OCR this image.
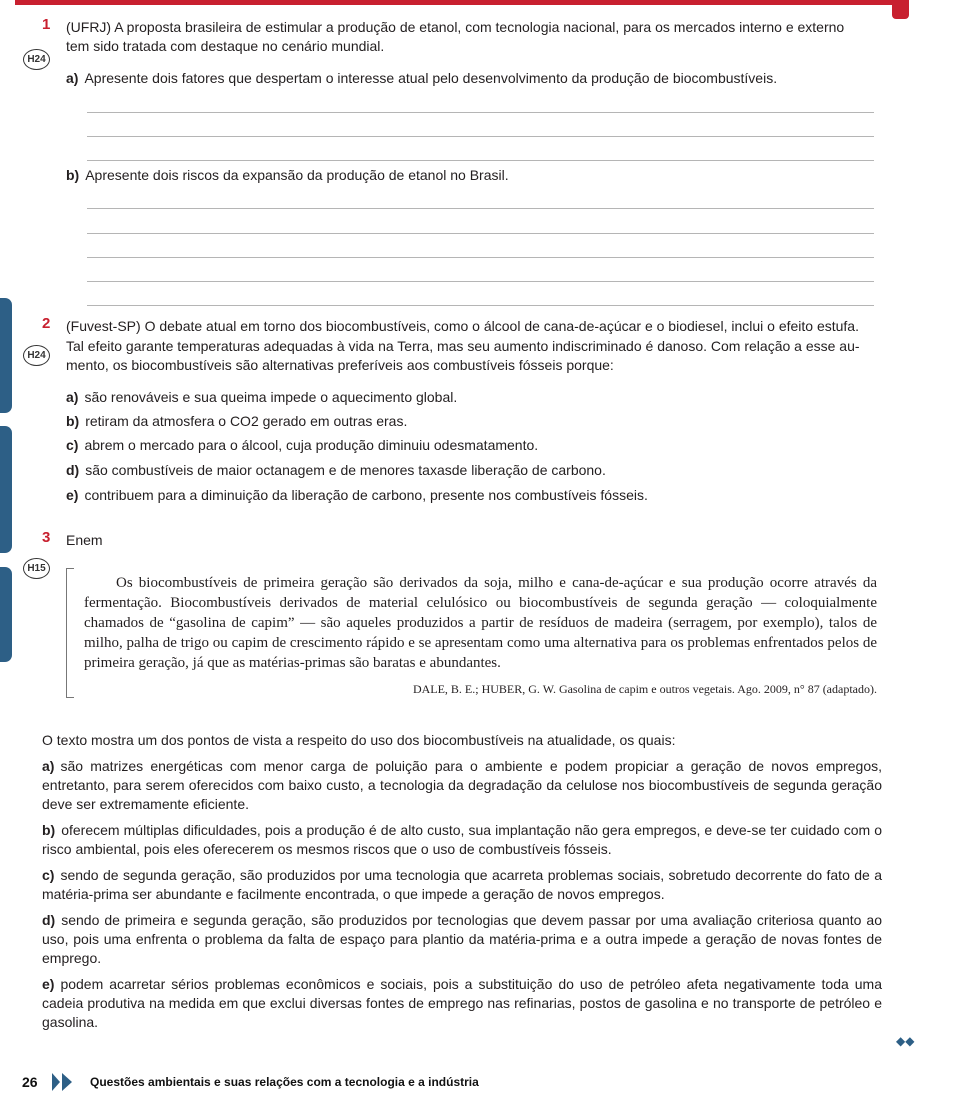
1
H24
(UFRJ) A proposta brasileira de estimular a produção de etanol, com tecnologia nacional, para os mercados interno e externo
tem sido tratada com destaque no cenário mundial.
a) Apresente dois fatores que despertam o interesse atual pelo desenvolvimento da produção de biocombustíveis.
b) Apresente dois riscos da expansão da produção de etanol no Brasil.
2
H24
(Fuvest-SP) O debate atual em torno dos biocombustíveis, como o álcool de cana-de-açúcar e o biodiesel, inclui o efeito estufa.
Tal efeito garante temperaturas adequadas à vida na Terra, mas seu aumento indiscriminado é danoso. Com relação a esse au-
mento, os biocombustíveis são alternativas preferíveis aos combustíveis fósseis porque:
a) são renováveis e sua queima impede o aquecimento global.
b) retiram da atmosfera o CO2 gerado em outras eras.
c) abrem o mercado para o álcool, cuja produção diminuiu odesmatamento.
d) são combustíveis de maior octanagem e de menores taxasde liberação de carbono.
e) contribuem para a diminuição da liberação de carbono, presente nos combustíveis fósseis.
3 Enem
H15

Os biocombustíveis de primeira geração são derivados da soja, milho e cana-de-açúcar e sua produção ocorre através da fermentação. Biocombustíveis derivados de material celulósico ou biocombustíveis de segunda geração — coloquialmente chamados de “gasolina de capim” — são aqueles produzidos a partir de resíduos de madeira (serragem, por exemplo), talos de milho, palha de trigo ou capim de crescimento rápido e se apresentam como uma alternativa para os problemas enfrentados pelos de primeira geração, já que as matérias-primas são baratas e abundantes.

DALE, B. E.; HUBER, G. W. Gasolina de capim e outros vegetais. Ago. 2009, n° 87 (adaptado).
O texto mostra um dos pontos de vista a respeito do uso dos biocombustíveis na atualidade, os quais:
a) são matrizes energéticas com menor carga de poluição para o ambiente e podem propiciar a geração de novos empregos, entretanto, para serem oferecidos com baixo custo, a tecnologia da degradação da celulose nos biocombustíveis de segunda geração deve ser extremamente eficiente.
b) oferecem múltiplas dificuldades, pois a produção é de alto custo, sua implantação não gera empregos, e deve-se ter cuidado com o risco ambiental, pois eles oferecerem os mesmos riscos que o uso de combustíveis fósseis.
c) sendo de segunda geração, são produzidos por uma tecnologia que acarreta problemas sociais, sobretudo decorrente do fato de a matéria-prima ser abundante e facilmente encontrada, o que impede a geração de novos empregos.
d) sendo de primeira e segunda geração, são produzidos por tecnologias que devem passar por uma avaliação criteriosa quanto ao uso, pois uma enfrenta o problema da falta de espaço para plantio da matéria-prima e a outra impede a geração de novas fontes de emprego.
e) podem acarretar sérios problemas econômicos e sociais, pois a substituição do uso de petróleo afeta negativamente toda uma cadeia produtiva na medida em que exclui diversas fontes de emprego nas refinarias, postos de gasolina e no transporte de petróleo e gasolina.
◆◆
26	Questões ambientais e suas relações com a tecnologia e a indústria
